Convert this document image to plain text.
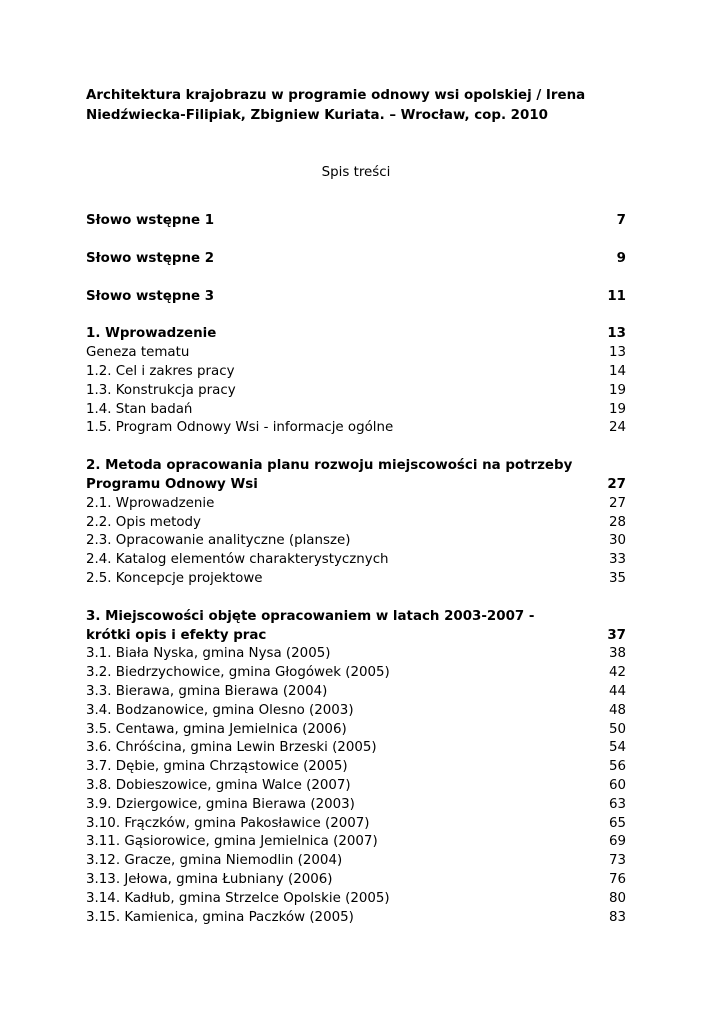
Architektura krajobrazu w programie odnowy wsi opolskiej / Irena Niedźwiecka-Filipiak, Zbigniew Kuriata. – Wrocław, cop. 2010

Spis treści

Słowo wstępne 1	7
Słowo wstępne 2	9
Słowo wstępne 3	11
1. Wprowadzenie	13
Geneza tematu	13
1.2. Cel i zakres pracy	14
1.3. Konstrukcja pracy	19
1.4. Stan badań	19
1.5. Program Odnowy Wsi - informacje ogólne	24
2. Metoda opracowania planu rozwoju miejscowości na potrzeby Programu Odnowy Wsi	27
2.1. Wprowadzenie	27
2.2. Opis metody	28
2.3. Opracowanie analityczne (plansze)	30
2.4. Katalog elementów charakterystycznych	33
2.5. Koncepcje projektowe	35
3. Miejscowości objęte opracowaniem w latach 2003-2007 - krótki opis i efekty prac	37
3.1. Biała Nyska, gmina Nysa (2005)	38
3.2. Biedrzychowice, gmina Głogówek (2005)	42
3.3. Bierawa, gmina Bierawa (2004)	44
3.4. Bodzanowice, gmina Olesno (2003)	48
3.5. Centawa, gmina Jemielnica (2006)	50
3.6. Chróścina, gmina Lewin Brzeski (2005)	54
3.7. Dębie, gmina Chrząstowice (2005)	56
3.8. Dobieszowice, gmina Walce (2007)	60
3.9. Dziergowice, gmina Bierawa (2003)	63
3.10. Frączków, gmina Pakosławice (2007)	65
3.11. Gąsiorowice, gmina Jemielnica (2007)	69
3.12. Gracze, gmina Niemodlin (2004)	73
3.13. Jełowa, gmina Łubniany (2006)	76
3.14. Kadłub, gmina Strzelce Opolskie (2005)	80
3.15. Kamienica, gmina Paczków (2005)	83
